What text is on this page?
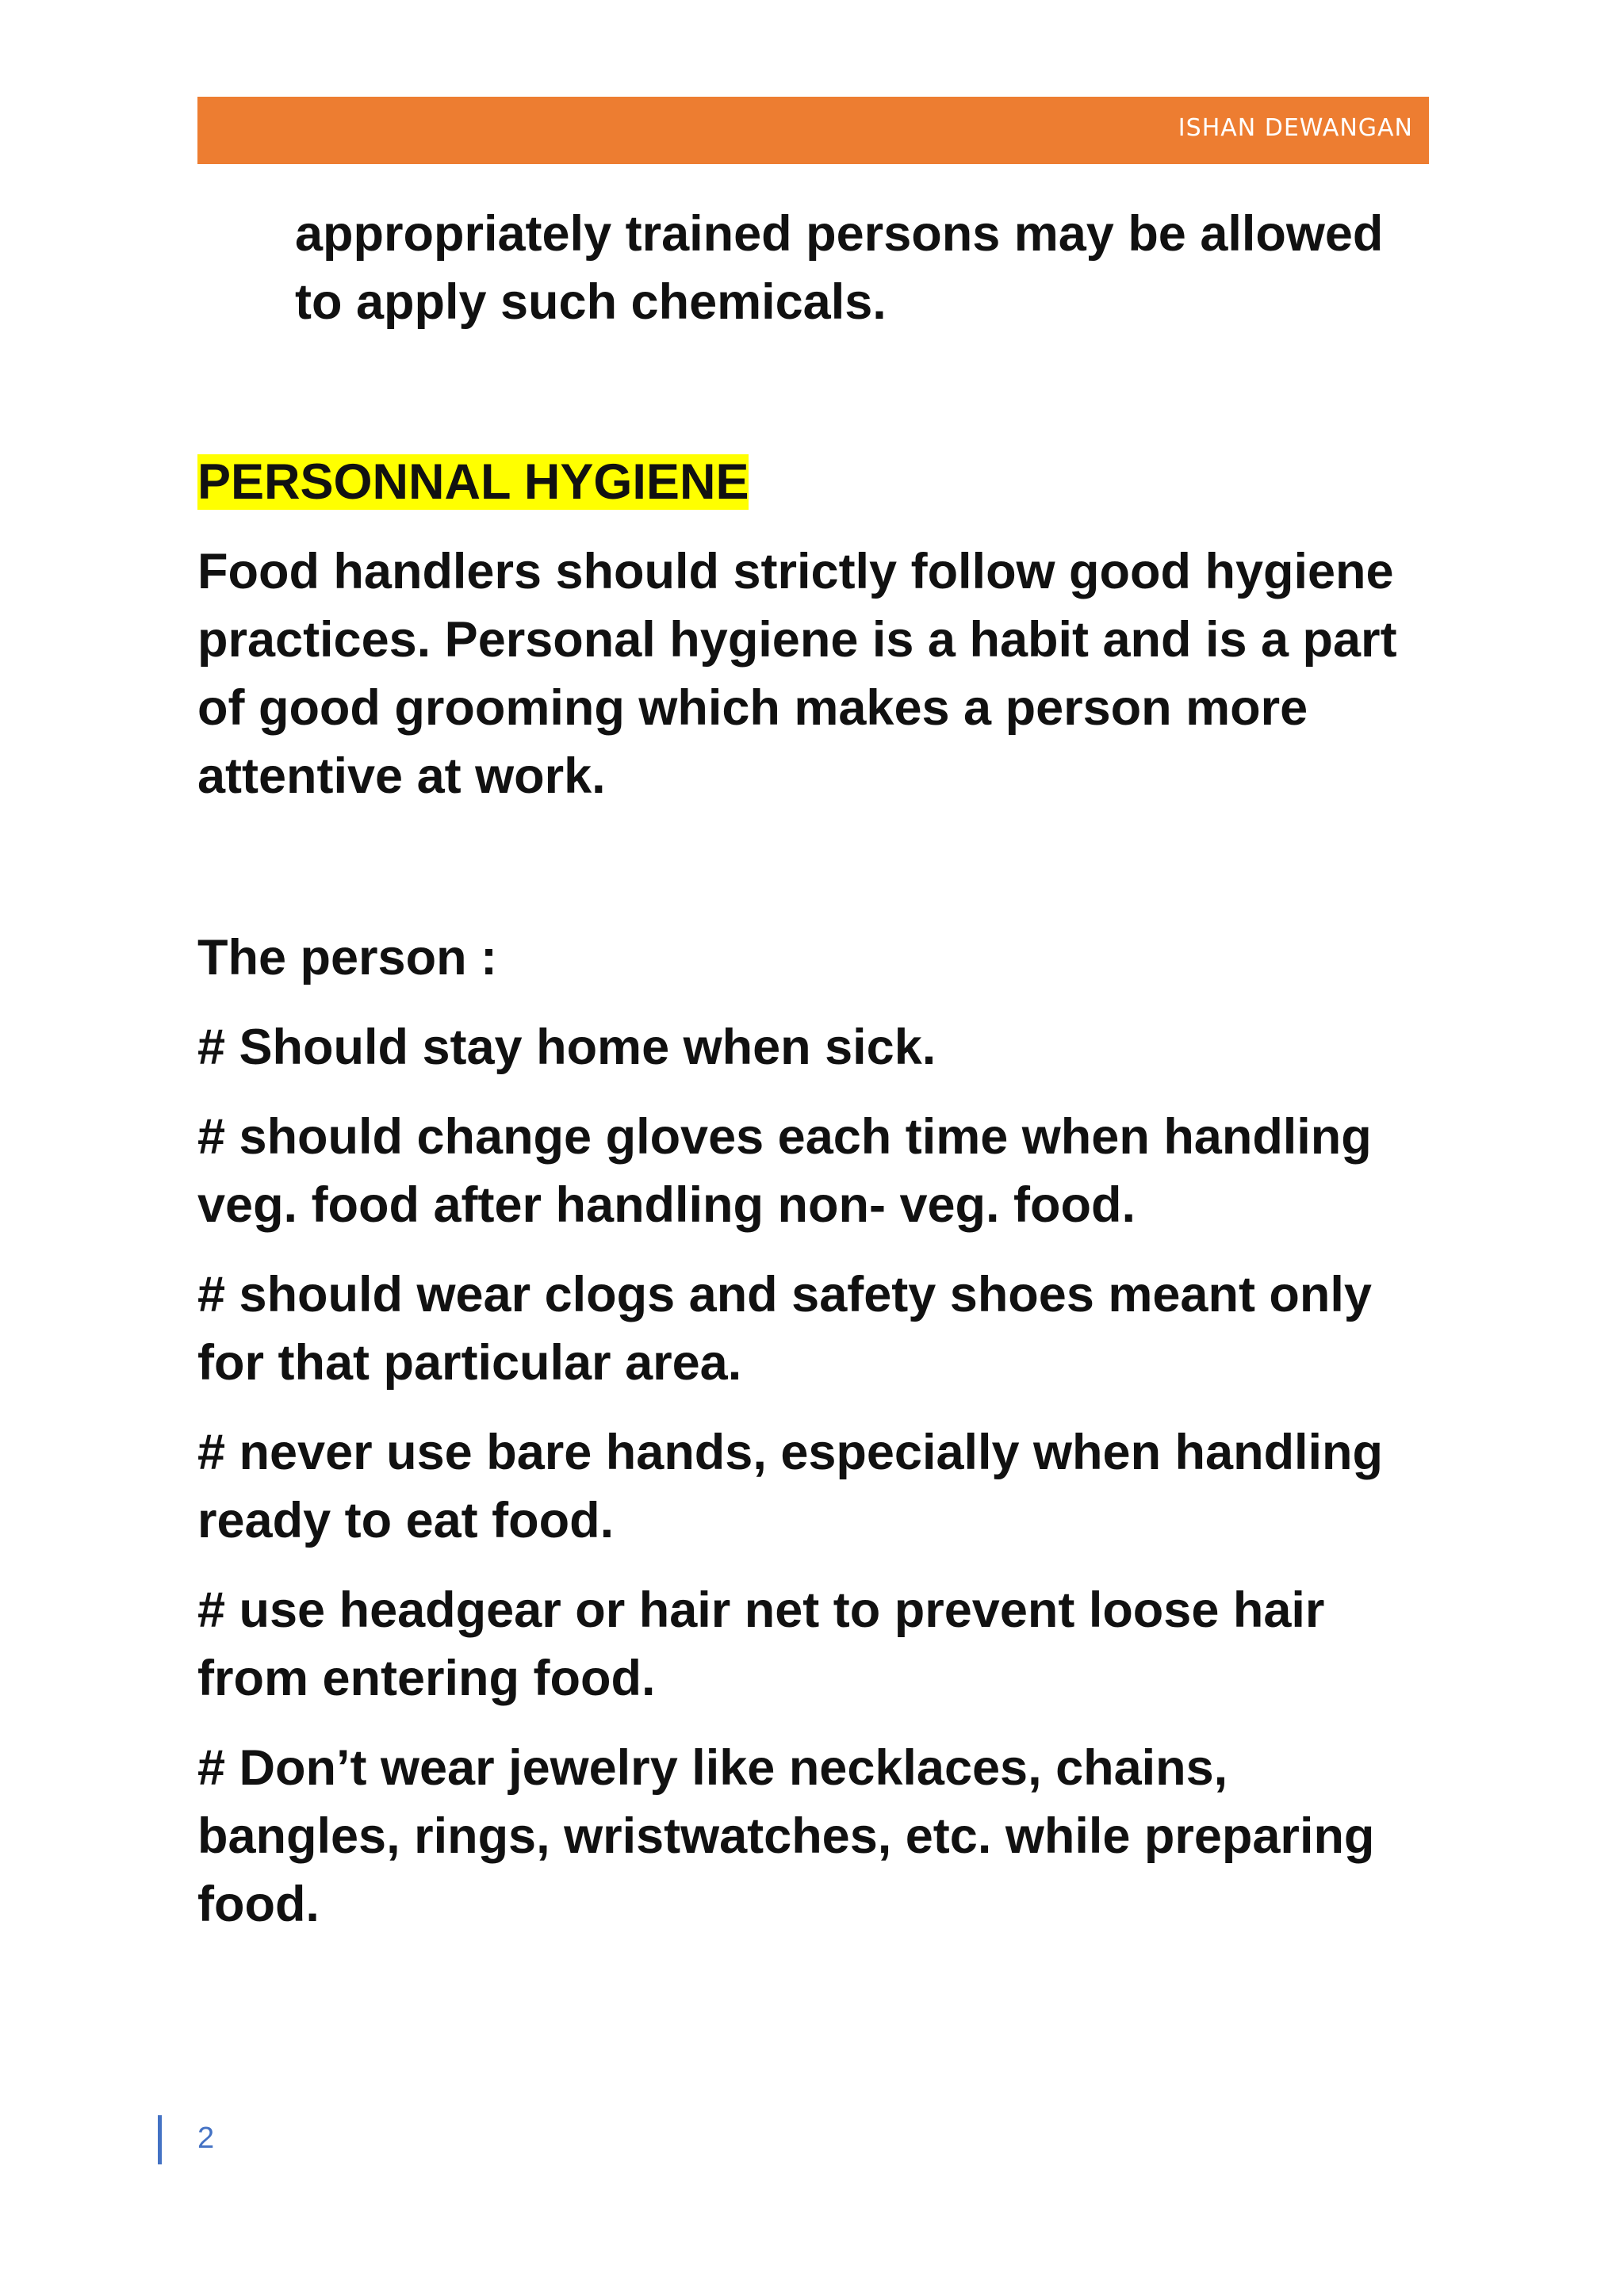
ISHAN DEWANGAN

appropriately trained persons may be allowed to apply such chemicals.

PERSONNAL HYGIENE

Food handlers should strictly follow good hygiene practices. Personal hygiene is a habit and is a part of good grooming which makes a person more attentive at work.

The person :

# Should stay home when sick.
# should change gloves each time when handling veg. food after handling non- veg. food.
# should wear clogs and safety shoes meant only for that particular area.
# never use bare hands, especially when handling ready to eat food.
# use headgear or hair net to prevent loose hair from entering food.
# Don’t wear jewelry like necklaces, chains, bangles, rings, wristwatches, etc. while preparing food.
2
